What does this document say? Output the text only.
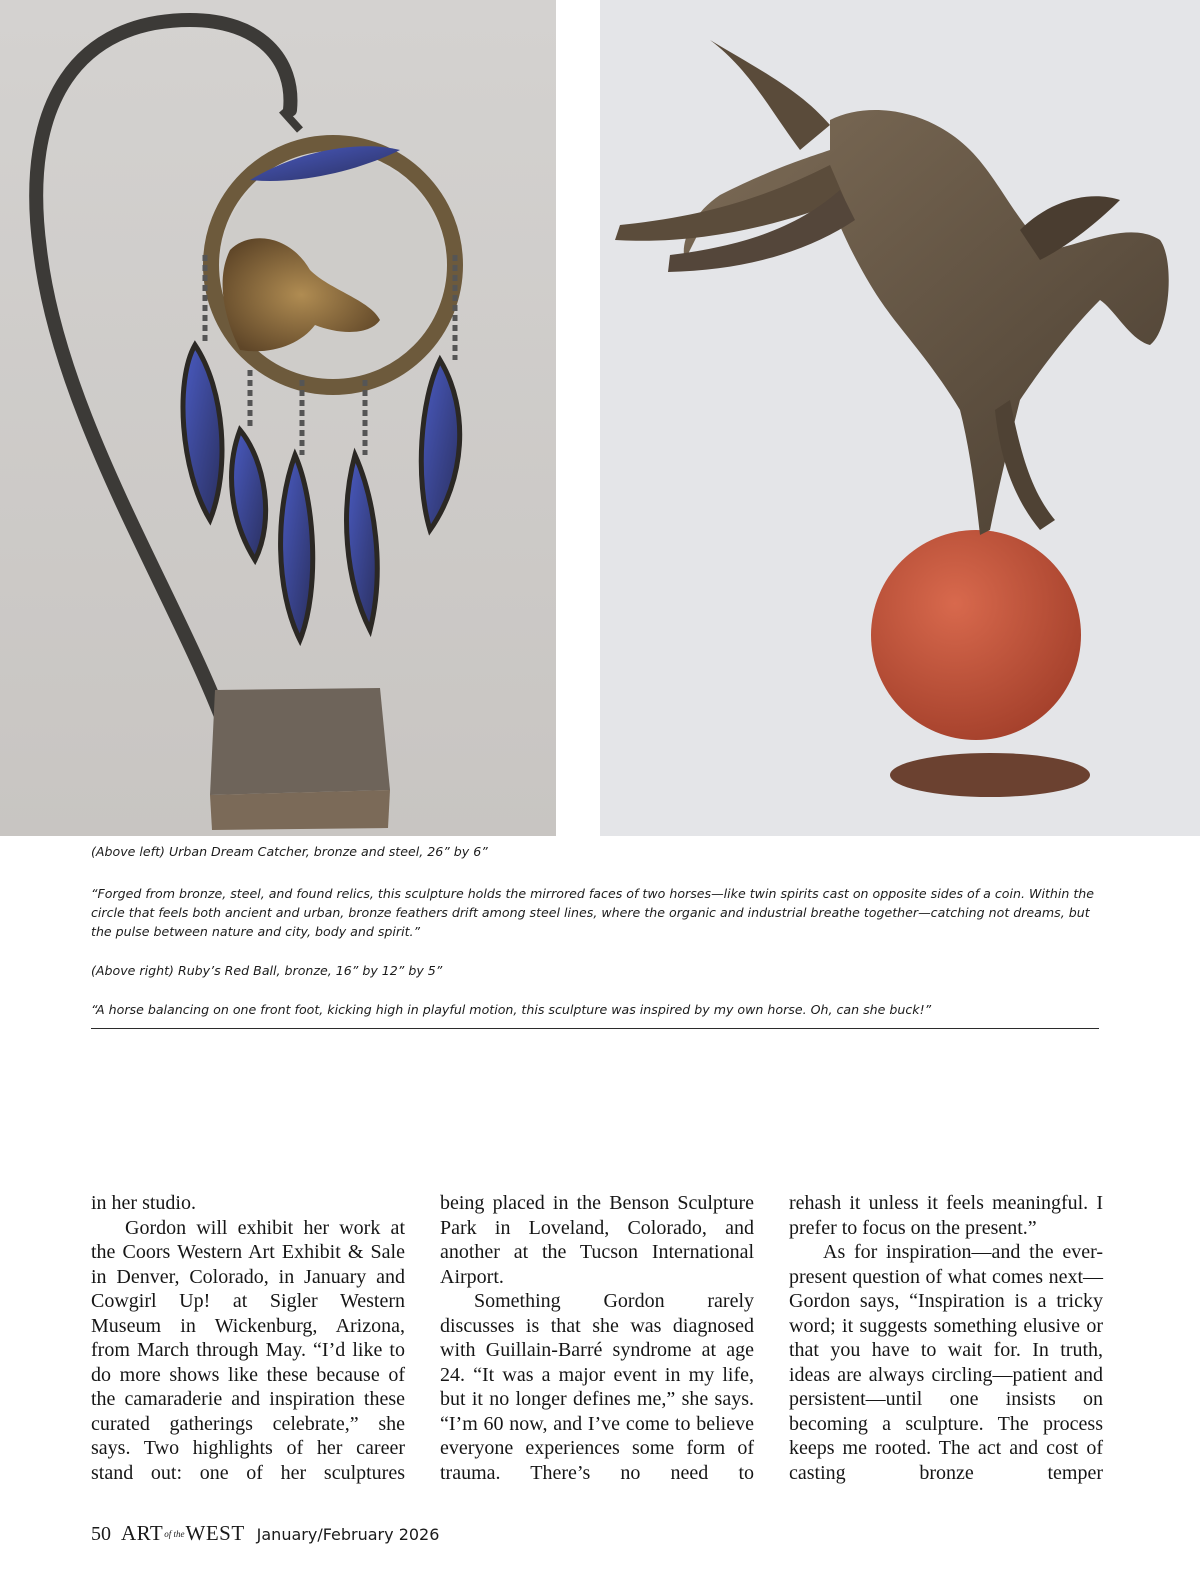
(Above left) Urban Dream Catcher, bronze and steel, 26” by 6”

“Forged from bronze, steel, and found relics, this sculpture holds the mirrored faces of two horses—like twin spirits cast on opposite sides of a coin. Within the circle that feels both ancient and urban, bronze feathers drift among steel lines, where the organic and industrial breathe together—catching not dreams, but the pulse between nature and city, body and spirit.”

(Above right) Ruby’s Red Ball, bronze, 16” by 12” by 5”

“A horse balancing on one front foot, kicking high in playful motion, this sculpture was inspired by my own horse. Oh, can she buck!”

in her studio.

Gordon will exhibit her work at the Coors Western Art Exhibit & Sale in Denver, Colorado, in January and Cowgirl Up! at Sigler Western Museum in Wickenburg, Arizona, from March through May. “I’d like to do more shows like these because of the camaraderie and inspiration these curated gatherings celebrate,” she says. Two highlights of her career stand out: one of her sculptures

being placed in the Benson Sculpture Park in Loveland, Colorado, and another at the Tucson International Airport.

Something Gordon rarely discusses is that she was diagnosed with Guillain-Barré syndrome at age 24. “It was a major event in my life, but it no longer defines me,” she says. “I’m 60 now, and I’ve come to believe everyone experiences some form of trauma. There’s no need to

rehash it unless it feels meaningful. I prefer to focus on the present.”

As for inspiration—and the ever-present question of what comes next—Gordon says, “Inspiration is a tricky word; it suggests something elusive or that you have to wait for. In truth, ideas are always circling—patient and persistent—until one insists on becoming a sculpture. The process keeps me rooted. The act and cost of casting bronze temper

50 ARTof theWEST January/February 2026
